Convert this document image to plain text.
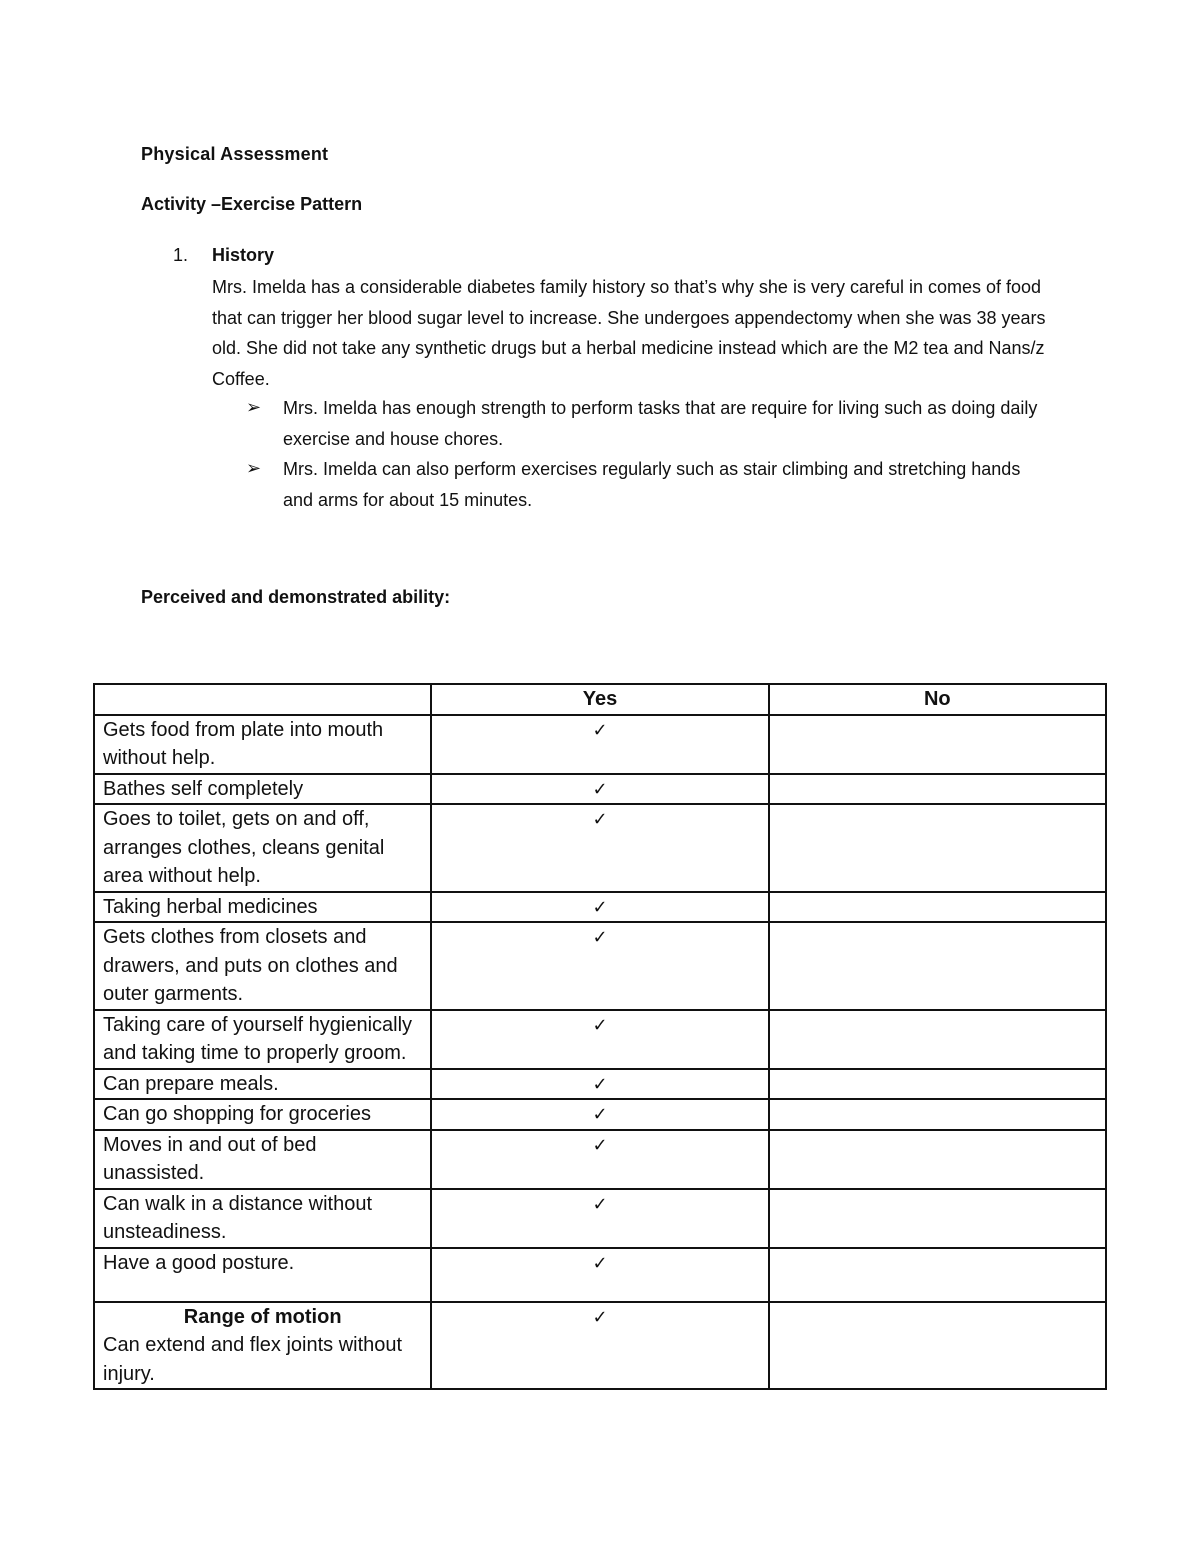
Physical Assessment
Activity –Exercise Pattern
1. History
Mrs. Imelda has a considerable diabetes family history so that’s why she is very careful in comes of food that can trigger her blood sugar level to increase. She undergoes appendectomy when she was 38 years old. She did not take any synthetic drugs but a herbal medicine instead which are the M2 tea and Nans/z Coffee.
➢ Mrs. Imelda has enough strength to perform tasks that are require for living such as doing daily exercise and house chores.
➢ Mrs. Imelda can also perform exercises regularly such as stair climbing and stretching hands and arms for about 15 minutes.
Perceived and demonstrated ability:
	Yes	No
Gets food from plate into mouth without help.	✓	
Bathes self completely	✓	
Goes to toilet, gets on and off, arranges clothes, cleans genital area without help.	✓	
Taking herbal medicines	✓	
Gets clothes from closets and drawers, and puts on clothes and outer garments.	✓	
Taking care of yourself hygienically and taking time to properly groom.	✓	
Can prepare meals.	✓	
Can go shopping for groceries	✓	
Moves in and out of bed unassisted.	✓	
Can walk in a distance without unsteadiness.	✓	
Have a good posture.	✓	

Range of motion
Can extend and flex joints without injury.	✓	
